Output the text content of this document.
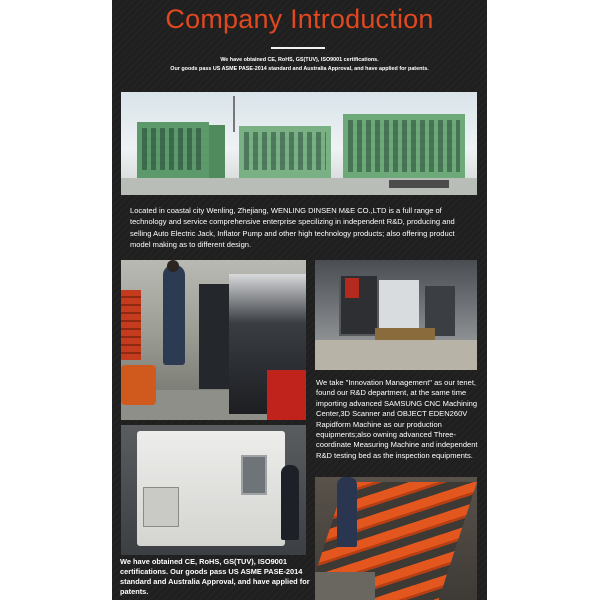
Company Introduction
We have obtained CE, RoHS, GS(TUV), ISO9001 certifications.
Our goods pass US ASME PASE-2014 standard and Australia Approval, and have applied for patents.
Located in coastal city Wenling, Zhejiang, WENLING DINSEN M&E CO.,LTD is a full range of technology and service comprehensive enterprise specilizing in independent R&D, producing and selling Auto Electric Jack, Inflator Pump and other high technology products; also offering product model making as to different design.
We take "Innovation Management" as our tenet, found our R&D department, at the same time importing advanced SAMSUNG CNC Machining Center,3D Scanner and OBJECT EDEN260V Rapidform Machine as our production equipments;also owning advanced Three-coordinate Measuring Machine and independent R&D testing bed as the inspection equipments.
We have obtained CE, RoHS, GS(TUV), ISO9001 certifications. Our goods pass US ASME PASE-2014 standard and Australia Approval, and have applied for patents.
